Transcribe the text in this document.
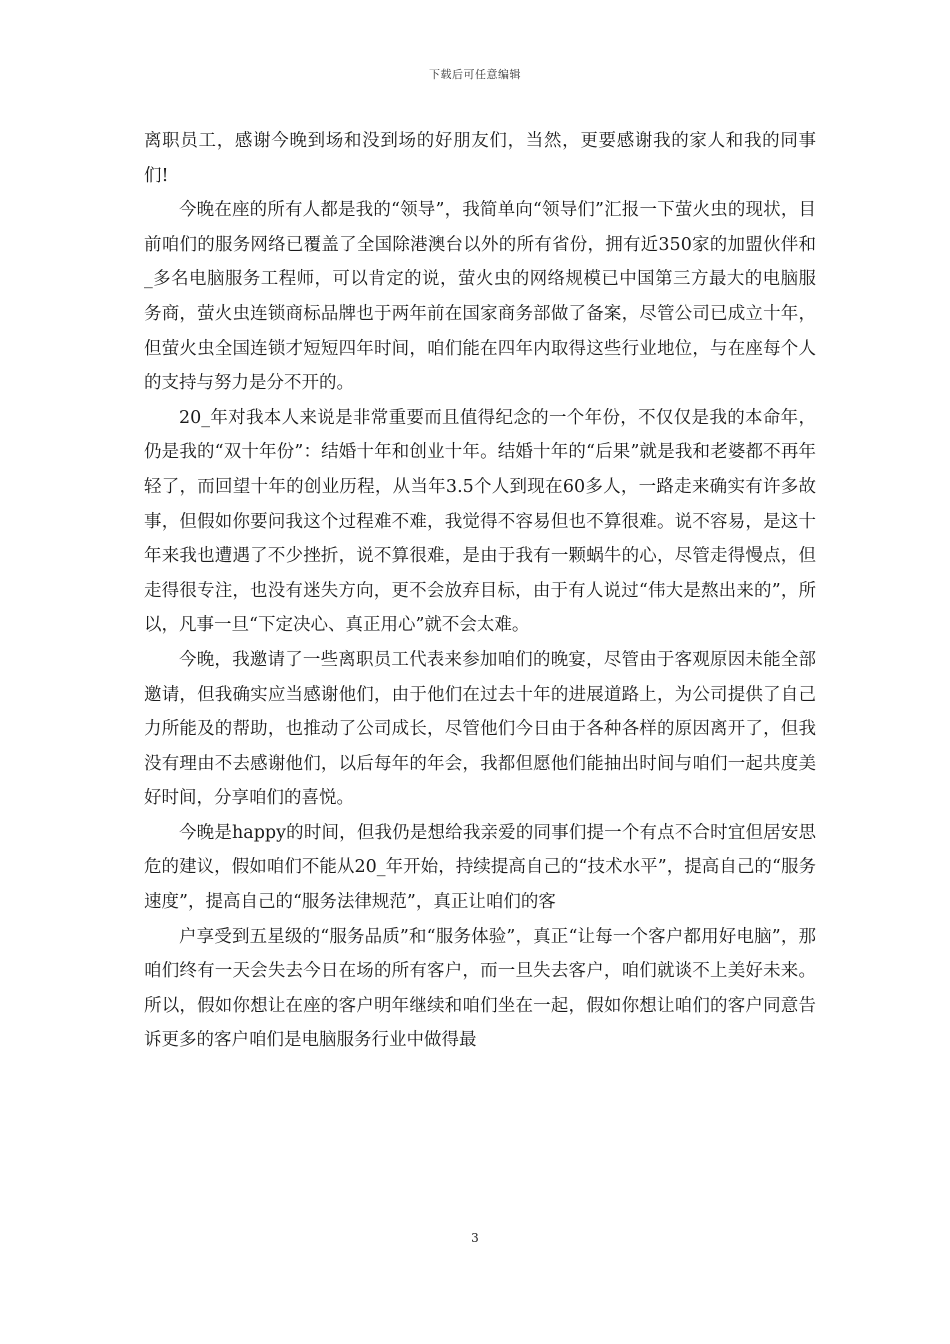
下载后可任意编辑

离职员工，感谢今晚到场和没到场的好朋友们，当然，更要感谢我的家人和我的同事们!

今晚在座的所有人都是我的“领导”，我简单向“领导们”汇报一下萤火虫的现状，目前咱们的服务网络已覆盖了全国除港澳台以外的所有省份，拥有近350家的加盟伙伴和_多名电脑服务工程师，可以肯定的说，萤火虫的网络规模已中国第三方最大的电脑服务商，萤火虫连锁商标品牌也于两年前在国家商务部做了备案，尽管公司已成立十年，但萤火虫全国连锁才短短四年时间，咱们能在四年内取得这些行业地位，与在座每个人的支持与努力是分不开的。

20_年对我本人来说是非常重要而且值得纪念的一个年份，不仅仅是我的本命年，仍是我的“双十年份”：结婚十年和创业十年。结婚十年的“后果”就是我和老婆都不再年轻了，而回望十年的创业历程，从当年3.5个人到现在60多人，一路走来确实有许多故事，但假如你要问我这个过程难不难，我觉得不容易但也不算很难。说不容易，是这十年来我也遭遇了不少挫折，说不算很难，是由于我有一颗蜗牛的心，尽管走得慢点，但走得很专注，也没有迷失方向，更不会放弃目标，由于有人说过“伟大是熬出来的”，所以，凡事一旦“下定决心、真正用心”就不会太难。

今晚，我邀请了一些离职员工代表来参加咱们的晚宴，尽管由于客观原因未能全部邀请，但我确实应当感谢他们，由于他们在过去十年的进展道路上，为公司提供了自己力所能及的帮助，也推动了公司成长，尽管他们今日由于各种各样的原因离开了，但我没有理由不去感谢他们，以后每年的年会，我都但愿他们能抽出时间与咱们一起共度美好时间，分享咱们的喜悦。

今晚是happy的时间，但我仍是想给我亲爱的同事们提一个有点不合时宜但居安思危的建议，假如咱们不能从20_年开始，持续提高自己的“技术水平”，提高自己的“服务速度”，提高自己的“服务法律规范”，真正让咱们的客

户享受到五星级的“服务品质”和“服务体验”，真正“让每一个客户都用好电脑”，那咱们终有一天会失去今日在场的所有客户，而一旦失去客户，咱们就谈不上美好未来。所以，假如你想让在座的客户明年继续和咱们坐在一起，假如你想让咱们的客户同意告诉更多的客户咱们是电脑服务行业中做得最

3
